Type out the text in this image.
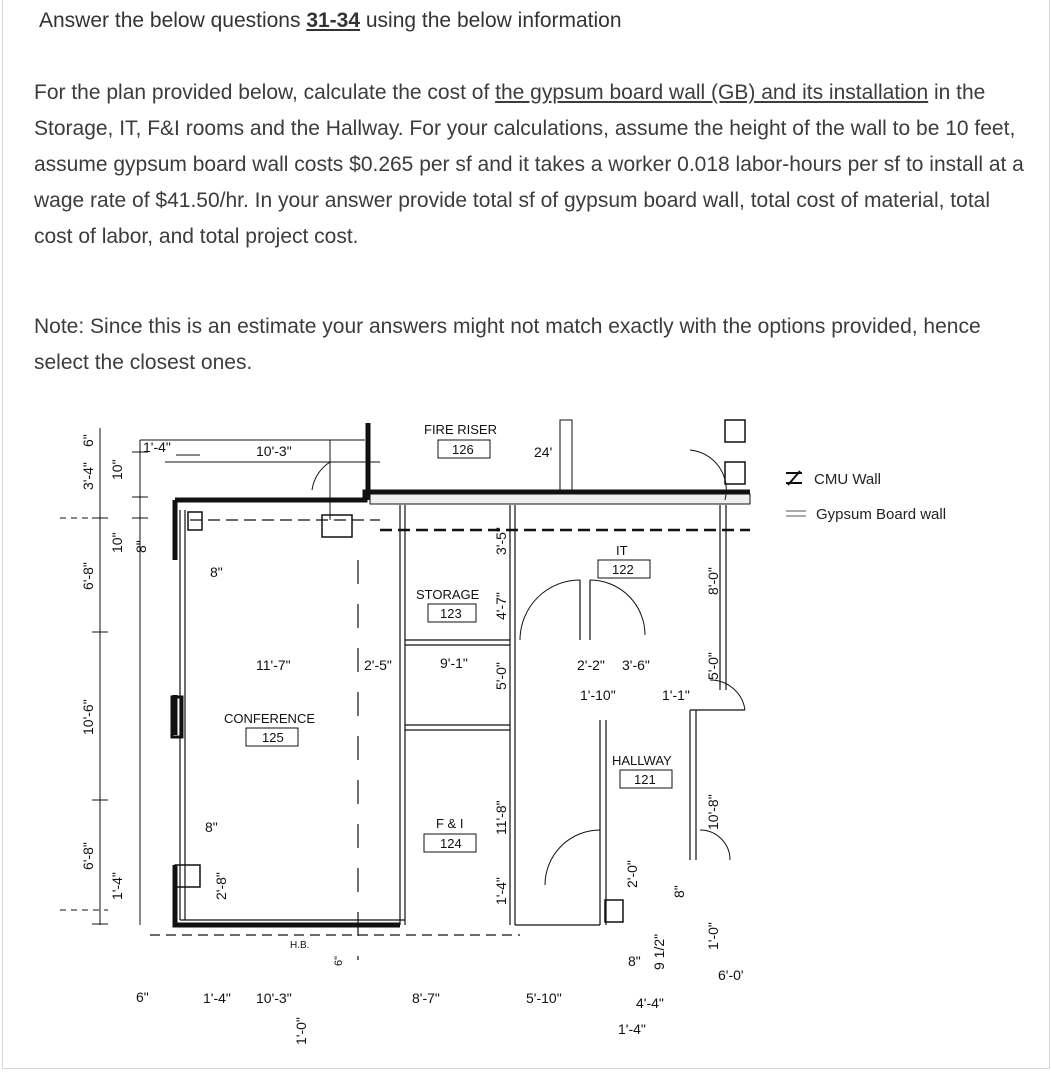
Answer the below questions 31-34 using the below information
For the plan provided below, calculate the cost of the gypsum board wall (GB) and its installation in the Storage, IT, F&I rooms and the Hallway. For your calculations, assume the height of the wall to be 10 feet, assume gypsum board wall costs $0.265 per sf and it takes a worker 0.018 labor-hours per sf to install at a wage rate of $41.50/hr. In your answer provide total sf of gypsum board wall, total cost of material, total cost of labor, and total project cost.
Note: Since this is an estimate your answers might not match exactly with the options provided, hence select the closest ones.
FIRE RISER
126
IT
122
STORAGE
123
CONFERENCE
125
HALLWAY
121
F & I
124
1'-4"	10'-3"	24'
11'-7"	2'-5"	9'-1"	2'-2" 3'-6"
1'-10"	1'-1"
8"
8"
H.B.
8"
6'-0'
6"	1'-4" 10'-3"	8'-7"	5'-10"	4'-4"
1'-4"
3'-4"
6"
10"
10" 8"
6'-8"
10'-6"
6'-8"
1'-4"	2'-8"
3'-5"
4'-7"
5'-0"
11'-8"
1'-4"
8'-0"
5'-0"
10'-8"
1'-0"
2'-0"
8"
9 1/2"
6"
1'-0"
CMU Wall
Gypsum Board wall
